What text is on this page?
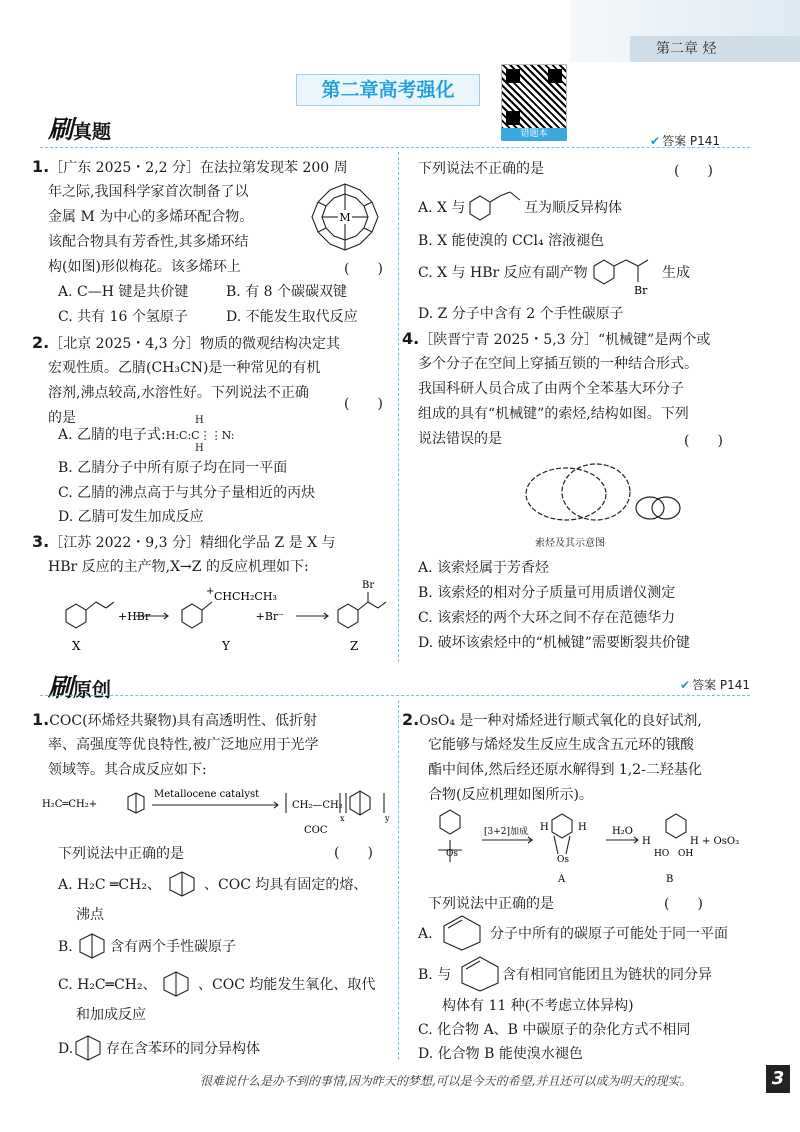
第二章 烃
第二章高考强化
错题本
刷真题	✔ 答案 P141
1.［广东 2025・2,2 分］在法拉第发现苯 200 周
年之际,我国科学家首次制备了以
金属 M 为中心的多烯环配合物。
该配合物具有芳香性,其多烯环结
构(如图)形似梅花。该多烯环上	(　　)
M
A. C—H 键是共价键	B. 有 8 个碳碳双键
C. 共有 16 个氢原子	D. 不能发生取代反应
2.［北京 2025・4,3 分］物质的微观结构决定其
宏观性质。乙腈(CH₃CN)是一种常见的有机
溶剂,沸点较高,水溶性好。下列说法不正确
的是
(　　)
A. 乙腈的电子式:H:C:C⋮⋮N:
H
H
B. 乙腈分子中所有原子均在同一平面
C. 乙腈的沸点高于与其分子量相近的丙炔
D. 乙腈可发生加成反应
3.［江苏 2022・9,3 分］精细化学品 Z 是 X 与
HBr 反应的主产物,X→Z 的反应机理如下:
+HBr
+ CHCH₂CH₃
+Br⁻
Br
X	Y	Z
下列说法不正确的是	(　　)
A. X 与	互为顺反异构体
B. X 能使溴的 CCl₄ 溶液褪色
C. X 与 HBr 反应有副产物
Br
生成
D. Z 分子中含有 2 个手性碳原子
4.［陕晋宁青 2025・5,3 分］“机械键”是两个或
多个分子在空间上穿插互锁的一种结合形式。
我国科研人员合成了由两个全苯基大环分子
组成的具有“机械键”的索烃,结构如图。下列
说法错误的是	(　　)
索烃及其示意图
A. 该索烃属于芳香烃
B. 该索烃的相对分子质量可用质谱仪测定
C. 该索烃的两个大环之间不存在范德华力
D. 破坏该索烃中的“机械键”需要断裂共价键
刷原创	✔ 答案 P141
1.COC(环烯烃共聚物)具有高透明性、低折射
率、高强度等优良特性,被广泛地应用于光学
领域等。其合成反应如下:
H₂C═CH₂+
Metallocene catalyst
CH₂—CH₂
x	y
COC
下列说法中正确的是	(　　)
A. H₂C ═CH₂、	、COC 均具有固定的熔、
沸点
B.	含有两个手性碳原子
C. H₂C═CH₂、	、COC 均能发生氧化、取代
和加成反应
D. 存在含苯环的同分异构体
2.OsO₄ 是一种对烯烃进行顺式氧化的良好试剂,
它能够与烯烃发生反应生成含五元环的锇酸
酯中间体,然后经还原水解得到 1,2-二羟基化
合物(反应机理如图所示)。
Os
[3+2]加成 H	H
Os
H₂O
H	H
HO OH
+ OsO₃
A	B
下列说法中正确的是	(　　)
A.	分子中所有的碳原子可能处于同一平面
B. 与	含有相同官能团且为链状的同分异
构体有 11 种(不考虑立体异构)
C. 化合物 A、B 中碳原子的杂化方式不相同
D. 化合物 B 能使溴水褪色
很难说什么是办不到的事情,因为昨天的梦想,可以是今天的希望,并且还可以成为明天的现实。	3
